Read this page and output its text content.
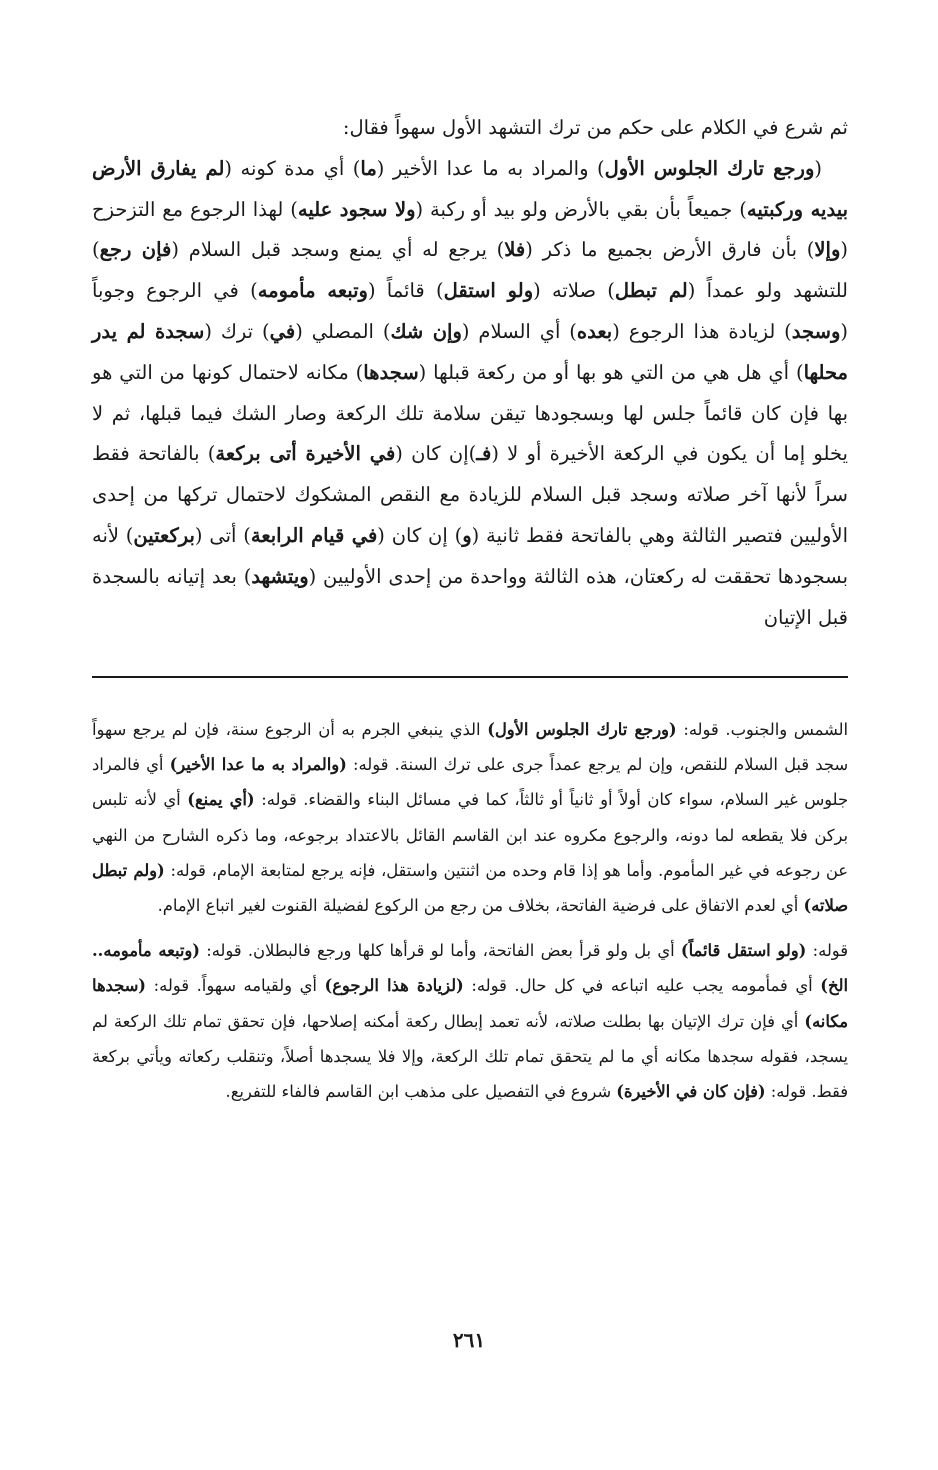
ثم شرع في الكلام على حكم من ترك التشهد الأول سهواً فقال:

(ورجع تارك الجلوس الأول) والمراد به ما عدا الأخير (ما) أي مدة كونه (لم يفارق الأرض بيديه وركبتيه) جميعاً بأن بقي بالأرض ولو بيد أو ركبة (ولا سجود عليه) لهذا الرجوع مع التزحزح (وإلا) بأن فارق الأرض بجميع ما ذكر (فلا) يرجع له أي يمنع وسجد قبل السلام (فإن رجع) للتشهد ولو عمداً (لم تبطل) صلاته (ولو استقل) قائماً (وتبعه مأمومه) في الرجوع وجوباً (وسجد) لزيادة هذا الرجوع (بعده) أي السلام (وإن شك) المصلي (في) ترك (سجدة لم يدر محلها) أي هل هي من التي هو بها أو من ركعة قبلها (سجدها) مكانه لاحتمال كونها من التي هو بها فإن كان قائماً جلس لها وبسجودها تيقن سلامة تلك الركعة وصار الشك فيما قبلها، ثم لا يخلو إما أن يكون في الركعة الأخيرة أو لا (فـ)إن كان (في الأخيرة أتى بركعة) بالفاتحة فقط سراً لأنها آخر صلاته وسجد قبل السلام للزيادة مع النقص المشكوك لاحتمال تركها من إحدى الأوليين فتصير الثالثة وهي بالفاتحة فقط ثانية (و) إن كان (في قيام الرابعة) أتى (بركعتين) لأنه بسجودها تحققت له ركعتان، هذه الثالثة وواحدة من إحدى الأوليين (ويتشهد) بعد إتيانه بالسجدة قبل الإتيان

الشمس والجنوب. قوله: (ورجع تارك الجلوس الأول) الذي ينبغي الجرم به أن الرجوع سنة، فإن لم يرجع سهواً سجد قبل السلام للنقص، وإن لم يرجع عمداً جرى على ترك السنة. قوله: (والمراد به ما عدا الأخير) أي فالمراد جلوس غير السلام، سواء كان أولاً أو ثانياً أو ثالثاً، كما في مسائل البناء والقضاء. قوله: (أي يمنع) أي لأنه تلبس بركن فلا يقطعه لما دونه، والرجوع مكروه عند ابن القاسم القائل بالاعتداد برجوعه، وما ذكره الشارح من النهي عن رجوعه في غير المأموم. وأما هو إذا قام وحده من اثنتين واستقل، فإنه يرجع لمتابعة الإمام، قوله: (ولم تبطل صلاته) أي لعدم الاتفاق على فرضية الفاتحة، بخلاف من رجع من الركوع لفضيلة القنوت لغير اتباع الإمام.

قوله: (ولو استقل قائماً) أي بل ولو قرأ بعض الفاتحة، وأما لو قرأها كلها ورجع فالبطلان. قوله: (وتبعه مأمومه.. الخ) أي فمأمومه يجب عليه اتباعه في كل حال. قوله: (لزيادة هذا الرجوع) أي ولقيامه سهواً. قوله: (سجدها مكانه) أي فإن ترك الإتيان بها بطلت صلاته، لأنه تعمد إبطال ركعة أمكنه إصلاحها، فإن تحقق تمام تلك الركعة لم يسجد، فقوله سجدها مكانه أي ما لم يتحقق تمام تلك الركعة، وإلا فلا يسجدها أصلاً، وتنقلب ركعاته ويأتي بركعة فقط. قوله: (فإن كان في الأخيرة) شروع في التفصيل على مذهب ابن القاسم فالفاء للتفريع.

٢٦١
